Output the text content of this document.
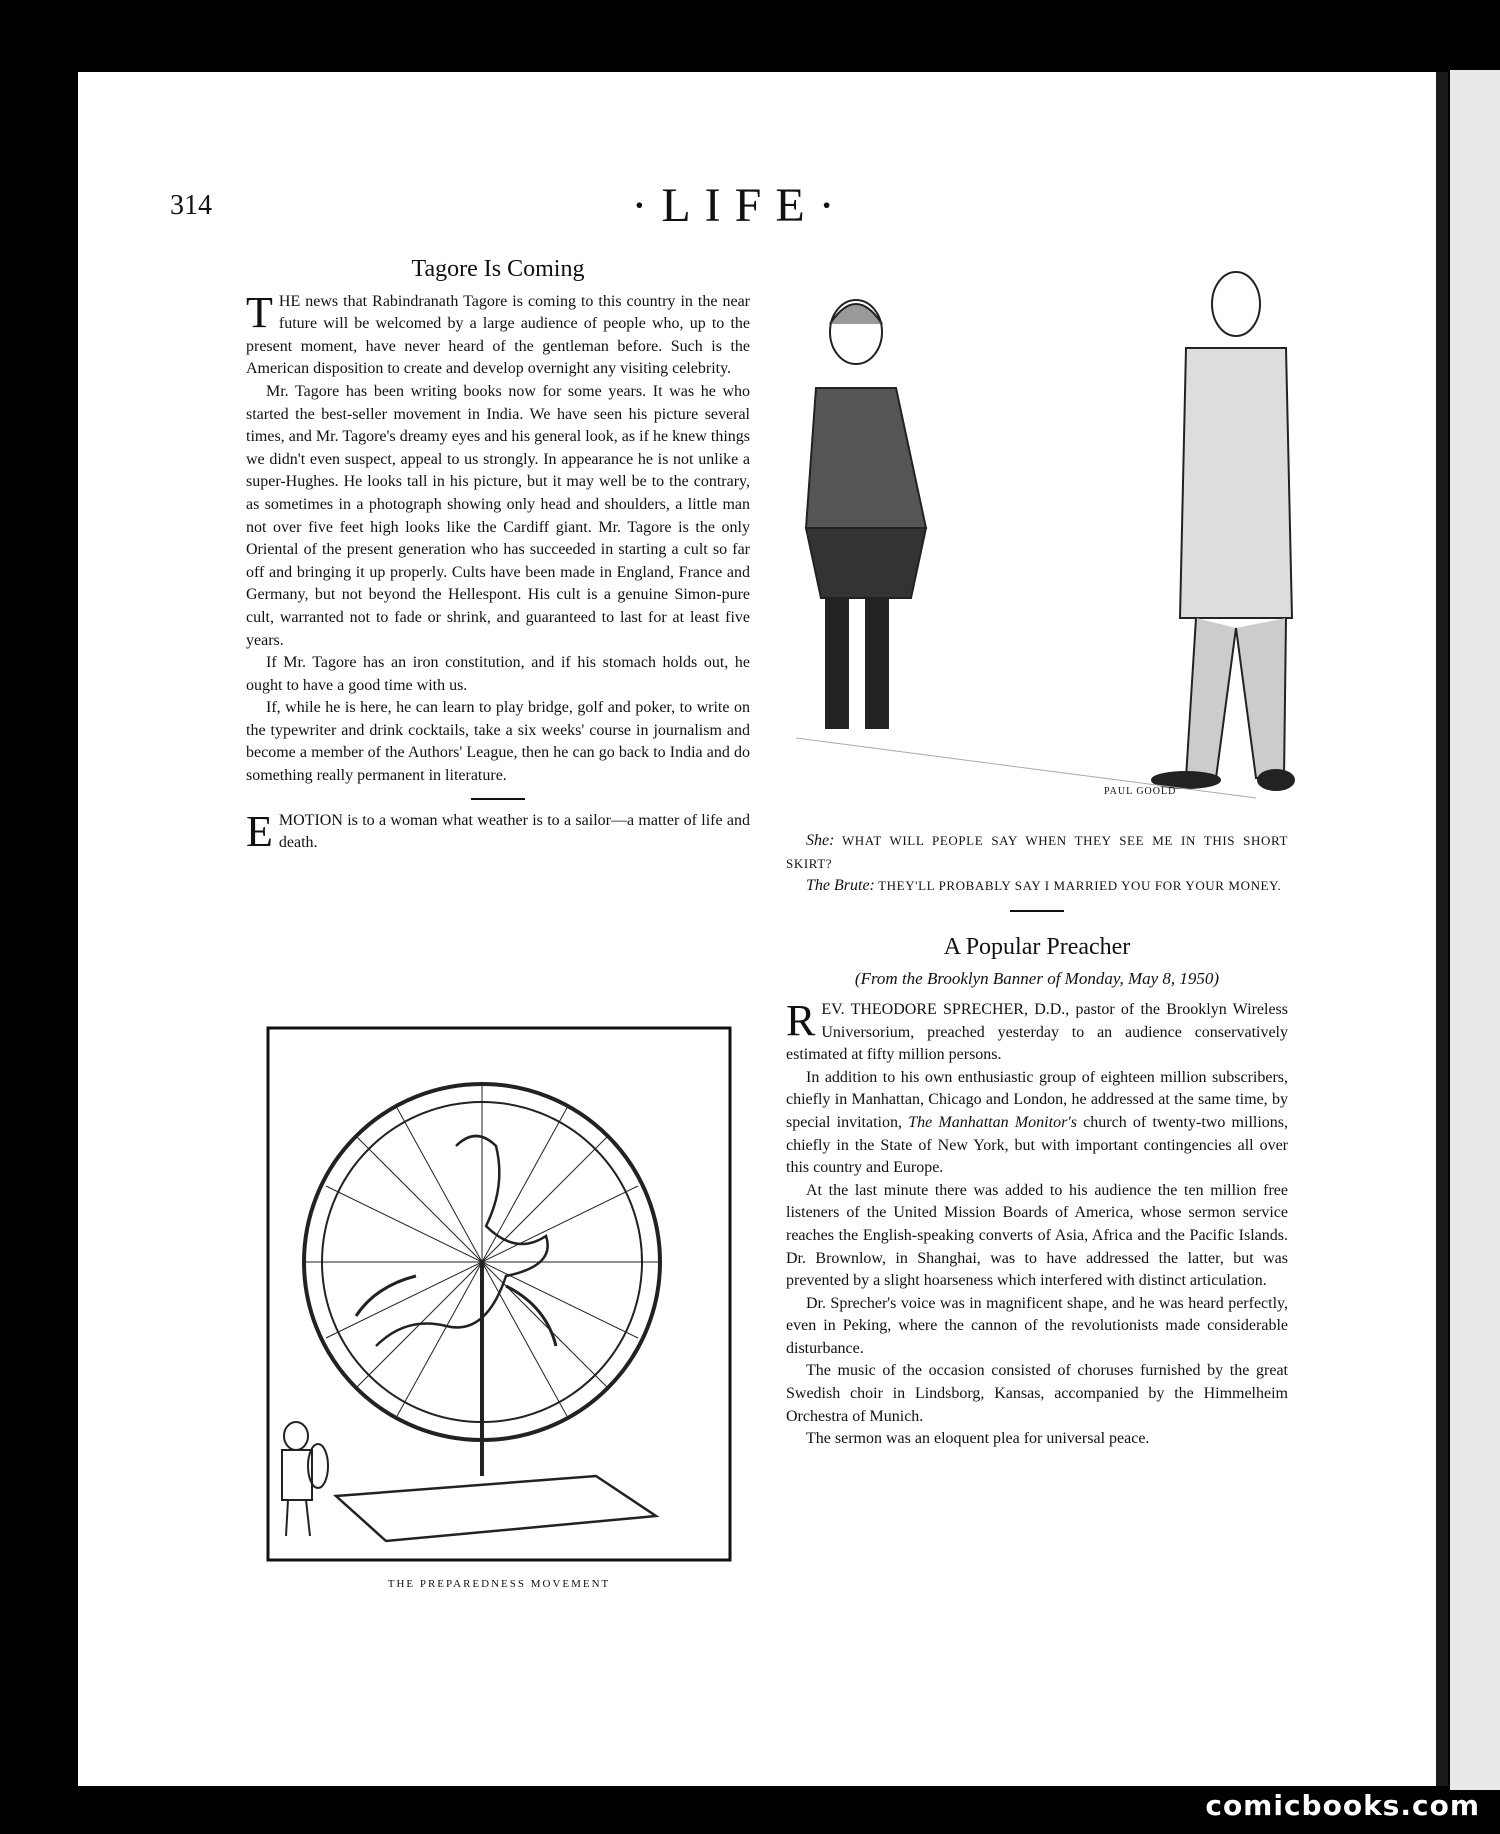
314	·LIFE·
Tagore Is Coming

THE news that Rabindranath Tagore is coming to this country in the near future will be welcomed by a large audience of people who, up to the present moment, have never heard of the gentleman before. Such is the American disposition to create and develop overnight any visiting celebrity.

Mr. Tagore has been writing books now for some years. It was he who started the best-seller movement in India. We have seen his picture several times, and Mr. Tagore's dreamy eyes and his general look, as if he knew things we didn't even suspect, appeal to us strongly. In appearance he is not unlike a super-Hughes. He looks tall in his picture, but it may well be to the contrary, as sometimes in a photograph showing only head and shoulders, a little man not over five feet high looks like the Cardiff giant. Mr. Tagore is the only Oriental of the present generation who has succeeded in starting a cult so far off and bringing it up properly. Cults have been made in England, France and Germany, but not beyond the Hellespont. His cult is a genuine Simon-pure cult, warranted not to fade or shrink, and guaranteed to last for at least five years.

If Mr. Tagore has an iron constitution, and if his stomach holds out, he ought to have a good time with us.

If, while he is here, he can learn to play bridge, golf and poker, to write on the typewriter and drink cocktails, take a six weeks' course in journalism and become a member of the Authors' League, then he can go back to India and do something really permanent in literature.

EMOTION is to a woman what weather is to a sailor—a matter of life and death.

THE PREPAREDNESS MOVEMENT
PAUL GOOLD

She: WHAT WILL PEOPLE SAY WHEN THEY SEE ME IN THIS SHORT SKIRT?

The Brute: THEY'LL PROBABLY SAY I MARRIED YOU FOR YOUR MONEY.

A Popular Preacher
(From the Brooklyn Banner of Monday, May 8, 1950)

REV. THEODORE SPRECHER, D.D., pastor of the Brooklyn Wireless Universorium, preached yesterday to an audience conservatively estimated at fifty million persons.

In addition to his own enthusiastic group of eighteen million subscribers, chiefly in Manhattan, Chicago and London, he addressed at the same time, by special invitation, The Manhattan Monitor's church of twenty-two millions, chiefly in the State of New York, but with important contingencies all over this country and Europe.

At the last minute there was added to his audience the ten million free listeners of the United Mission Boards of America, whose sermon service reaches the English-speaking converts of Asia, Africa and the Pacific Islands. Dr. Brownlow, in Shanghai, was to have addressed the latter, but was prevented by a slight hoarseness which interfered with distinct articulation.

Dr. Sprecher's voice was in magnificent shape, and he was heard perfectly, even in Peking, where the cannon of the revolutionists made considerable disturbance.

The music of the occasion consisted of choruses furnished by the great Swedish choir in Lindsborg, Kansas, accompanied by the Himmelheim Orchestra of Munich.

The sermon was an eloquent plea for universal peace.

comicbooks.com
